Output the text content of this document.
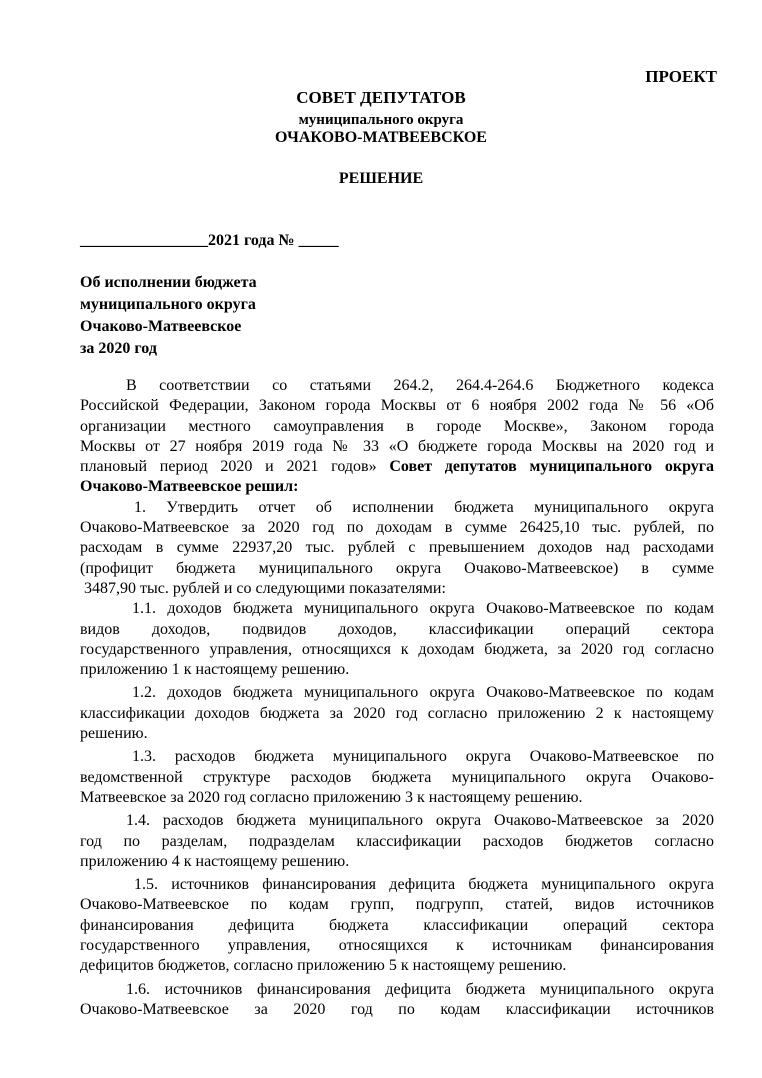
ПРОЕКТ
СОВЕТ ДЕПУТАТОВ
муниципального округа
ОЧАКОВО-МАТВЕЕВСКОЕ
РЕШЕНИЕ
________________2021 года № _____
Об исполнении бюджета
муниципального округа
Очаково-Матвеевское
за 2020 год
В соответствии со статьями 264.2, 264.4-264.6 Бюджетного кодекса
Российской Федерации, Законом города Москвы от 6 ноября 2002 года № 56 «Об
организации местного самоуправления в городе Москве», Законом города
Москвы от 27 ноября 2019 года № 33 «О бюджете города Москвы на 2020 год и
плановый период 2020 и 2021 годов» Совет депутатов муниципального округа
Очаково-Матвеевское решил:
1. Утвердить отчет об исполнении бюджета муниципального округа
Очаково-Матвеевское за 2020 год по доходам в сумме 26425,10 тыс. рублей, по
расходам в сумме 22937,20 тыс. рублей с превышением доходов над расходами
(профицит бюджета муниципального округа Очаково-Матвеевское) в сумме
3487,90 тыс. рублей и со следующими показателями:
1.1. доходов бюджета муниципального округа Очаково-Матвеевское по кодам
видов доходов, подвидов доходов, классификации операций сектора
государственного управления, относящихся к доходам бюджета, за 2020 год согласно
приложению 1 к настоящему решению.
1.2. доходов бюджета муниципального округа Очаково-Матвеевское по кодам
классификации доходов бюджета за 2020 год согласно приложению 2 к настоящему
решению.
1.3. расходов бюджета муниципального округа Очаково-Матвеевское по
ведомственной структуре расходов бюджета муниципального округа Очаково-
Матвеевское за 2020 год согласно приложению 3 к настоящему решению.
1.4. расходов бюджета муниципального округа Очаково-Матвеевское за 2020
год по разделам, подразделам классификации расходов бюджетов согласно
приложению 4 к настоящему решению.
1.5. источников финансирования дефицита бюджета муниципального округа
Очаково-Матвеевское по кодам групп, подгрупп, статей, видов источников
финансирования дефицита бюджета классификации операций сектора
государственного управления, относящихся к источникам финансирования
дефицитов бюджетов, согласно приложению 5 к настоящему решению.
1.6. источников финансирования дефицита бюджета муниципального округа
Очаково-Матвеевское за 2020 год по кодам классификации источников
